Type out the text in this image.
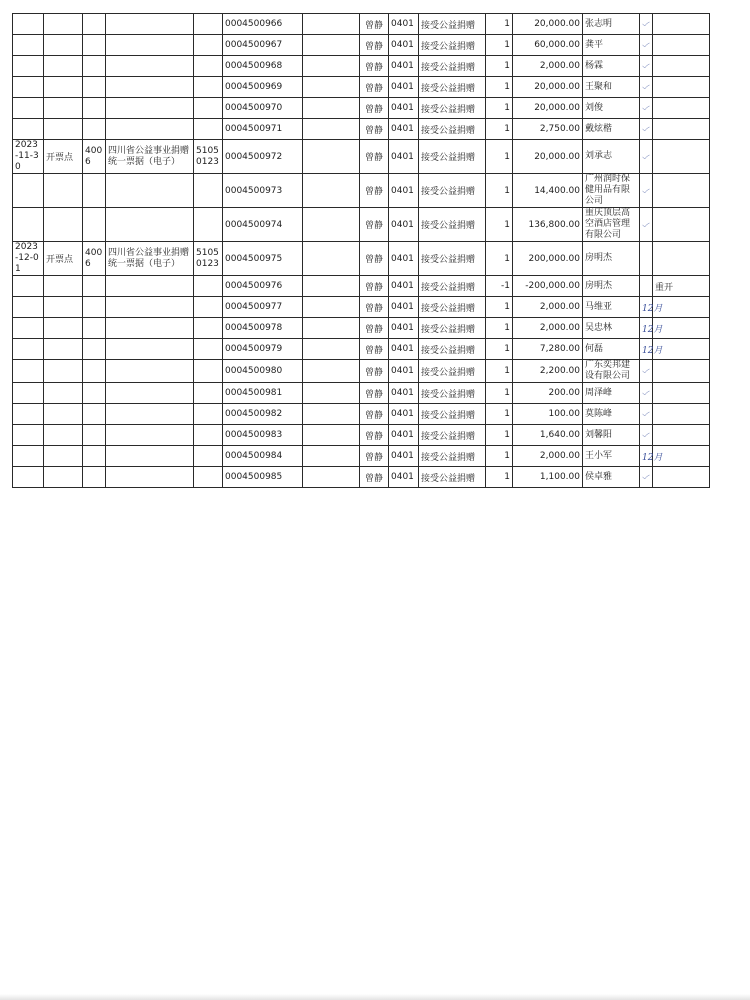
					0004500966		曾静	0401	接受公益捐赠	1	20,000.00	张志明	

					0004500967		曾静	0401	接受公益捐赠	1	60,000.00	龚平	

					0004500968		曾静	0401	接受公益捐赠	1	2,000.00	杨霖	

					0004500969		曾静	0401	接受公益捐赠	1	20,000.00	王聚和	

					0004500970		曾静	0401	接受公益捐赠	1	20,000.00	刘俊	

					0004500971		曾静	0401	接受公益捐赠	1	2,750.00	戴炫楷	

2023-11-30	开票点	4006	四川省公益事业捐赠统一票据（电子）	51050123	0004500972		曾静	0401	接受公益捐赠	1	20,000.00	刘承志	

					0004500973		曾静	0401	接受公益捐赠	1	14,400.00	广州润时保健用品有限公司	

					0004500974		曾静	0401	接受公益捐赠	1	136,800.00	重庆顶层高空酒店管理有限公司	

2023-12-01	开票点	4006	四川省公益事业捐赠统一票据（电子）	51050123	0004500975		曾静	0401	接受公益捐赠	1	200,000.00	房明杰		
					0004500976		曾静	0401	接受公益捐赠	-1	-200,000.00	房明杰		重开
					0004500977		曾静	0401	接受公益捐赠	1	2,000.00	马维亚	12月	
					0004500978		曾静	0401	接受公益捐赠	1	2,000.00	吴忠林	12月	
					0004500979		曾静	0401	接受公益捐赠	1	7,280.00	何磊	12月	
					0004500980		曾静	0401	接受公益捐赠	1	2,200.00	广东奕邦建设有限公司	

					0004500981		曾静	0401	接受公益捐赠	1	200.00	周泽峰	

					0004500982		曾静	0401	接受公益捐赠	1	100.00	莫陈峰	

					0004500983		曾静	0401	接受公益捐赠	1	1,640.00	刘馨阳	

					0004500984		曾静	0401	接受公益捐赠	1	2,000.00	王小军	12月	
					0004500985		曾静	0401	接受公益捐赠	1	1,100.00	侯卓雅	
